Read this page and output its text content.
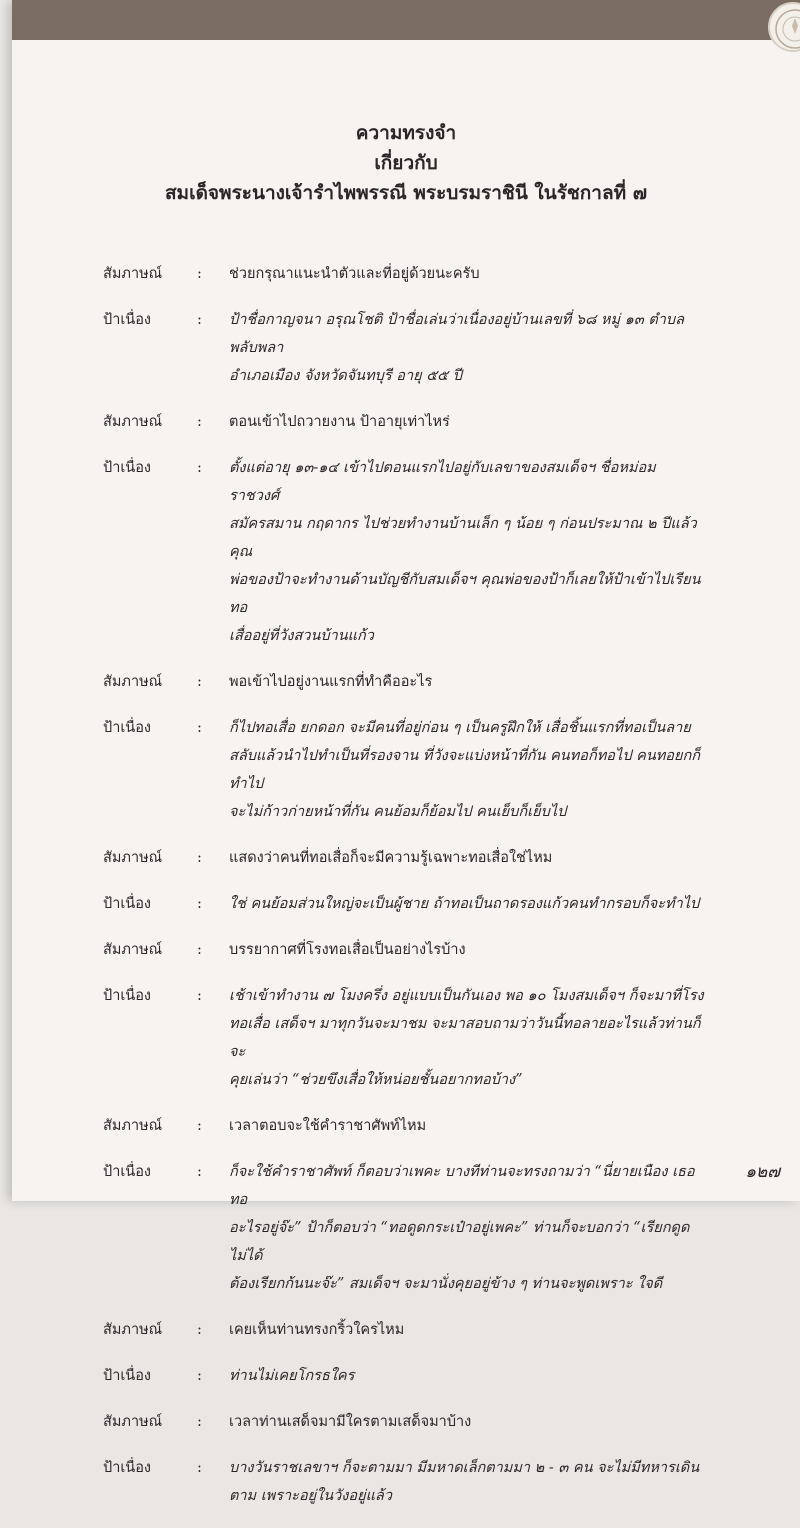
ความทรงจำ
เกี่ยวกับ
สมเด็จพระนางเจ้ารำไพพรรณี พระบรมราชินี ในรัชกาลที่ ๗
สัมภาษณ์ : ช่วยกรุณาแนะนำตัวและที่อยู่ด้วยนะครับ
ป้าเนื่อง	: ป้าชื่อกาญจนา อรุณโชติ ป้าชื่อเล่นว่าเนื่องอยู่บ้านเลขที่ ๖๘ หมู่ ๑๓ ตำบลพลับพลา
อำเภอเมือง จังหวัดจันทบุรี อายุ ๕๕ ปี
สัมภาษณ์ : ตอนเข้าไปถวายงาน ป้าอายุเท่าไหร่
ป้าเนื่อง	: ตั้งแต่อายุ ๑๓-๑๔ เข้าไปตอนแรกไปอยู่กับเลขาของสมเด็จฯ ชื่อหม่อมราชวงศ์
สมัครสมาน กฤดากร ไปช่วยทำงานบ้านเล็ก ๆ น้อย ๆ ก่อนประมาณ ๒ ปีแล้ว คุณ
พ่อของป้าจะทำงานด้านบัญชีกับสมเด็จฯ คุณพ่อของป้าก็เลยให้ป้าเข้าไปเรียนทอ
เสื่ออยู่ที่วังสวนบ้านแก้ว
สัมภาษณ์ : พอเข้าไปอยู่งานแรกที่ทำคืออะไร
ป้าเนื่อง	: ก็ไปทอเสื่อ ยกดอก จะมีคนที่อยู่ก่อน ๆ เป็นครูฝึกให้ เสื่อชิ้นแรกที่ทอเป็นลาย
สลับแล้วนำไปทำเป็นที่รองจาน ที่วังจะแบ่งหน้าที่กัน คนทอก็ทอไป คนทอยกก็ทำไป
จะไม่ก้าวก่ายหน้าที่กัน คนย้อมก็ย้อมไป คนเย็บก็เย็บไป
สัมภาษณ์ : แสดงว่าคนที่ทอเสื่อก็จะมีความรู้เฉพาะทอเสื่อใช่ไหม
ป้าเนื่อง	: ใช่ คนย้อมส่วนใหญ่จะเป็นผู้ชาย ถ้าทอเป็นถาดรองแก้วคนทำกรอบก็จะทำไป
สัมภาษณ์ : บรรยากาศที่โรงทอเสื่อเป็นอย่างไรบ้าง
ป้าเนื่อง	: เช้าเข้าทำงาน ๗ โมงครึ่ง อยู่แบบเป็นกันเอง พอ ๑๐ โมงสมเด็จฯ ก็จะมาที่โรง
ทอเสื่อ เสด็จฯ มาทุกวันจะมาชม จะมาสอบถามว่าวันนี้ทอลายอะไรแล้วท่านก็จะ
คุยเล่นว่า “ช่วยขึงเสื่อให้หน่อยชั้นอยากทอบ้าง”
สัมภาษณ์ : เวลาตอบจะใช้คำราชาศัพท์ไหม
ป้าเนื่อง	: ก็จะใช้คำราชาศัพท์ ก็ตอบว่าเพคะ บางทีท่านจะทรงถามว่า “นี่ยายเนือง เธอทอ
อะไรอยู่จ๊ะ” ป้าก็ตอบว่า “ทอดูดกระเป๋าอยู่เพคะ” ท่านก็จะบอกว่า “เรียกดูดไม่ได้
ต้องเรียกก้นนะจ๊ะ” สมเด็จฯ จะมานั่งคุยอยู่ข้าง ๆ ท่านจะพูดเพราะ ใจดี
สัมภาษณ์ : เคยเห็นท่านทรงกริ้วใครไหม
ป้าเนื่อง	: ท่านไม่เคยโกรธใคร
สัมภาษณ์ : เวลาท่านเสด็จมามีใครตามเสด็จมาบ้าง
ป้าเนื่อง	: บางวันราชเลขาฯ ก็จะตามมา มีมหาดเล็กตามมา ๒ - ๓ คน จะไม่มีทหารเดิน
ตาม เพราะอยู่ในวังอยู่แล้ว
๑๒๗
